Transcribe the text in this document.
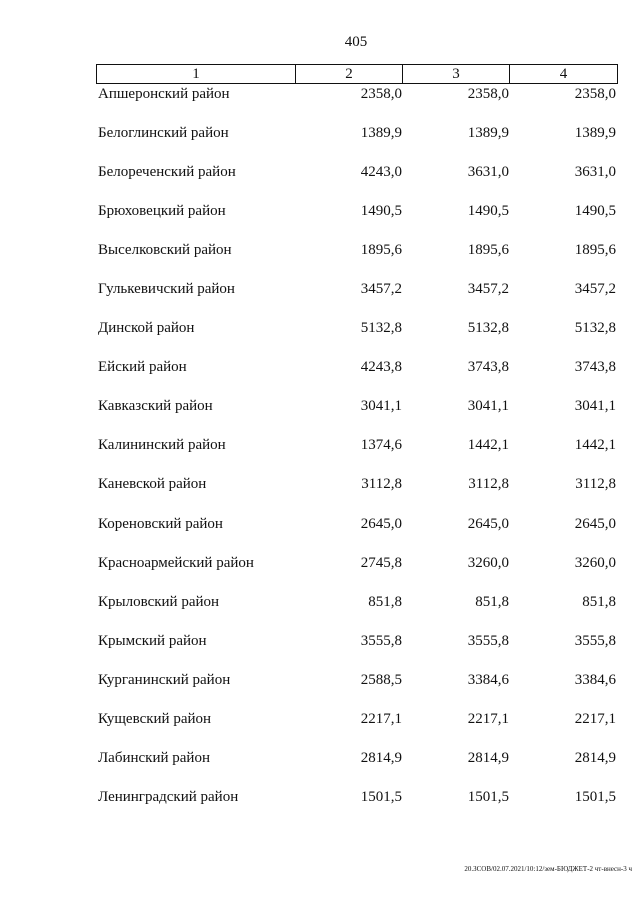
405
1	2	3	4
Апшеронский район	2358,0	2358,0	2358,0
Белоглинский район	1389,9	1389,9	1389,9
Белореченский район	4243,0	3631,0	3631,0
Брюховецкий район	1490,5	1490,5	1490,5
Выселковский район	1895,6	1895,6	1895,6
Гулькевичский район	3457,2	3457,2	3457,2
Динской район	5132,8	5132,8	5132,8
Ейский район	4243,8	3743,8	3743,8
Кавказский район	3041,1	3041,1	3041,1
Калининский район	1374,6	1442,1	1442,1
Каневской район	3112,8	3112,8	3112,8
Кореновский район	2645,0	2645,0	2645,0
Красноармейский район	2745,8	3260,0	3260,0
Крыловский район	851,8	851,8	851,8
Крымский район	3555,8	3555,8	3555,8
Курганинский район	2588,5	3384,6	3384,6
Кущевский район	2217,1	2217,1	2217,1
Лабинский район	2814,9	2814,9	2814,9
Ленинградский район	1501,5	1501,5	1501,5
20.ЗСОВ/02.07.2021/10:12/зем-БЮДЖЕТ-2 чт-внесн-3 ч
